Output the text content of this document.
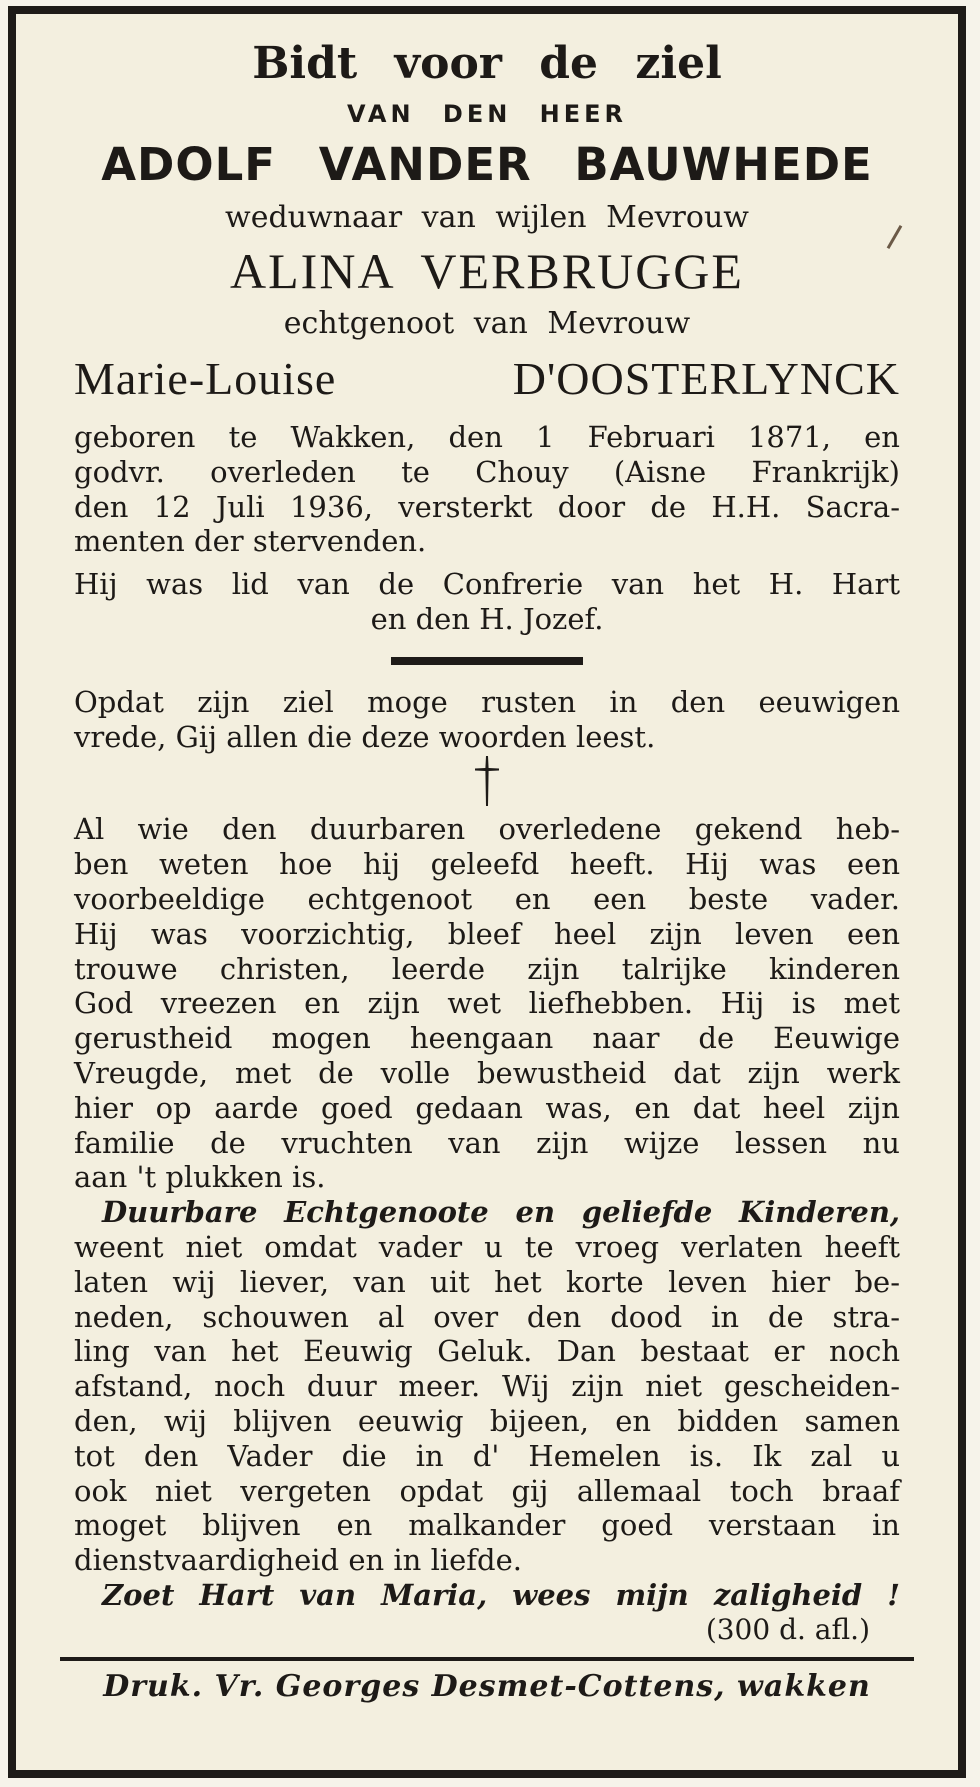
Bidt voor de ziel
VAN DEN HEER
ADOLF VANDER BAUWHEDE
weduwnaar van wijlen Mevrouw
ALINA VERBRUGGE
echtgenoot van Mevrouw
Marie-Louise	D'OOSTERLYNCK
geboren te Wakken, den 1 Februari 1871, en
godvr. overleden te Chouy (Aisne Frankrijk)
den 12 Juli 1936, versterkt door de H.H. Sacra-
menten der stervenden.
Hij was lid van de Confrerie van het H. Hart
en den H. Jozef.
Opdat zijn ziel moge rusten in den eeuwigen
vrede, Gij allen die deze woorden leest.
Al wie den duurbaren overledene gekend heb-
ben weten hoe hij geleefd heeft. Hij was een
voorbeeldige echtgenoot en een beste vader.
Hij was voorzichtig, bleef heel zijn leven een
trouwe christen, leerde zijn talrijke kinderen
God vreezen en zijn wet liefhebben. Hij is met
gerustheid mogen heengaan naar de Eeuwige
Vreugde, met de volle bewustheid dat zijn werk
hier op aarde goed gedaan was, en dat heel zijn
familie de vruchten van zijn wijze lessen nu
aan 't plukken is.
Duurbare Echtgenoote en geliefde Kinderen,
weent niet omdat vader u te vroeg verlaten heeft
laten wij liever, van uit het korte leven hier be-
neden, schouwen al over den dood in de stra-
ling van het Eeuwig Geluk. Dan bestaat er noch
afstand, noch duur meer. Wij zijn niet gescheiden-
den, wij blijven eeuwig bijeen, en bidden samen
tot den Vader die in d' Hemelen is. Ik zal u
ook niet vergeten opdat gij allemaal toch braaf
moget blijven en malkander goed verstaan in
dienstvaardigheid en in liefde.
Zoet Hart van Maria, wees mijn zaligheid !
(300 d. afl.)
Druk. Vr. Georges Desmet-Cottens, wakken
